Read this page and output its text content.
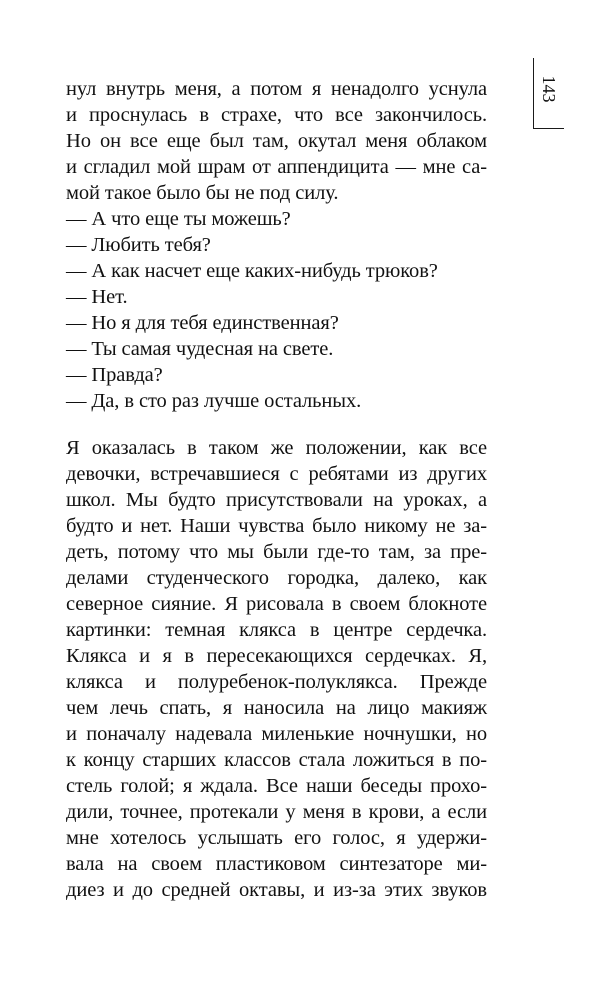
143
нул внутрь меня, а потом я ненадолго уснула
и проснулась в страхе, что все закончилось.
Но он все еще был там, окутал меня облаком
и сгладил мой шрам от аппендицита — мне са-
мой такое было бы не под силу.
— А что еще ты можешь?
— Любить тебя?
— А как насчет еще каких-нибудь трюков?
— Нет.
— Но я для тебя единственная?
— Ты самая чудесная на свете.
— Правда?
— Да, в сто раз лучше остальных.
Я оказалась в таком же положении, как все
девочки, встречавшиеся с ребятами из других
школ. Мы будто присутствовали на уроках, а
будто и нет. Наши чувства было никому не за-
деть, потому что мы были где-то там, за пре-
делами студенческого городка, далеко, как
северное сияние. Я рисовала в своем блокноте
картинки: темная клякса в центре сердечка.
Клякса и я в пересекающихся сердечках. Я,
клякса и полуребенок-полуклякса. Прежде
чем лечь спать, я наносила на лицо макияж
и поначалу надевала миленькие ночнушки, но
к концу старших классов стала ложиться в по-
стель голой; я ждала. Все наши беседы прохо-
дили, точнее, протекали у меня в крови, а если
мне хотелось услышать его голос, я удержи-
вала на своем пластиковом синтезаторе ми-
диез и до средней октавы, и из-за этих звуков
